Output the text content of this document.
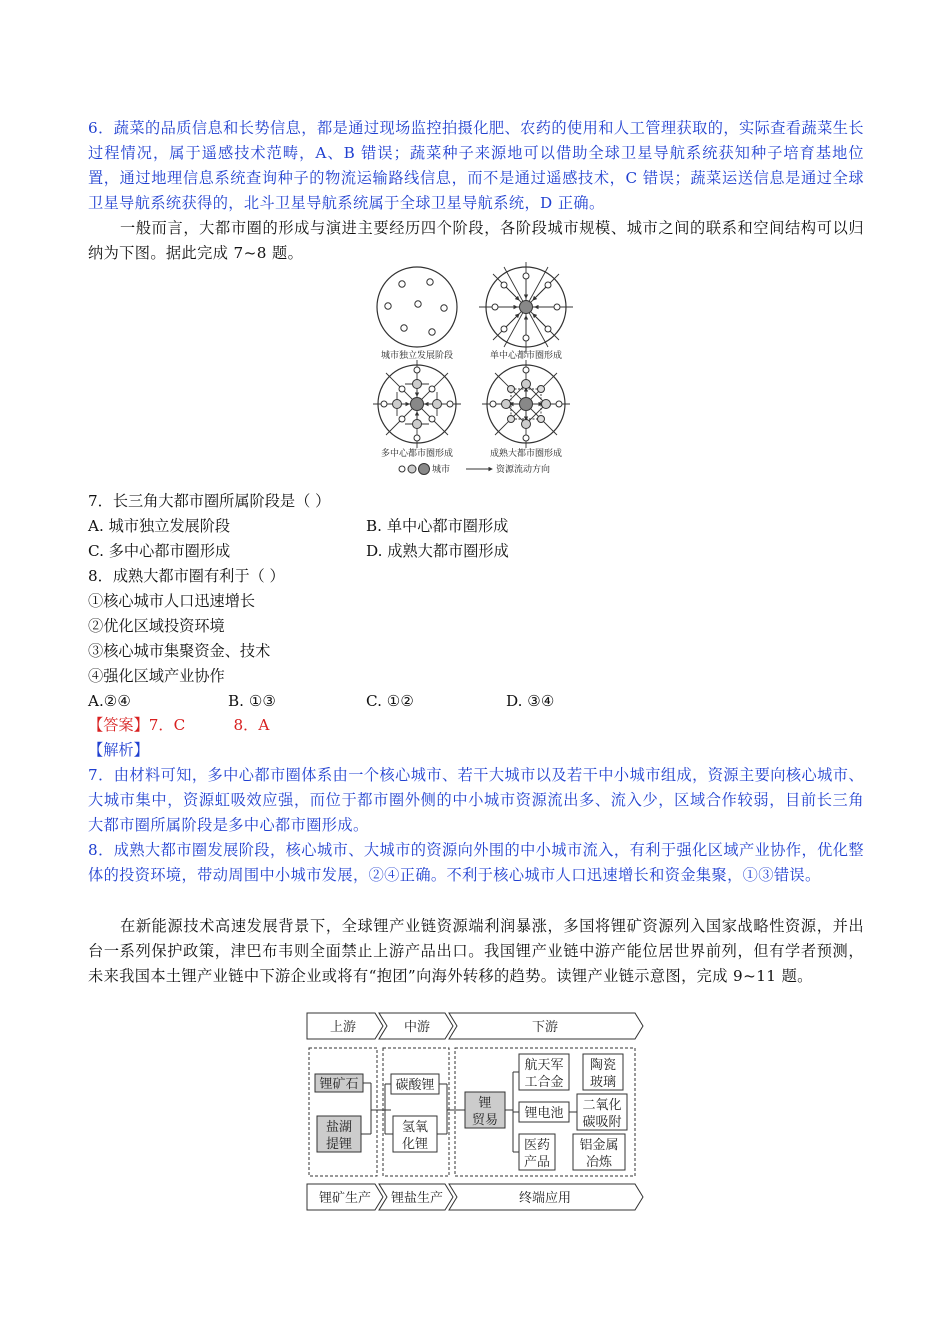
6．蔬菜的品质信息和长势信息，都是通过现场监控拍摄化肥、农药的使用和人工管理获取的，实际查看蔬菜生长过程情况，属于遥感技术范畴，A、B 错误；蔬菜种子来源地可以借助全球卫星导航系统获知种子培育基地位置，通过地理信息系统查询种子的物流运输路线信息，而不是通过遥感技术，C 错误；蔬菜运送信息是通过全球卫星导航系统获得的，北斗卫星导航系统属于全球卫星导航系统，D 正确。
一般而言，大都市圈的形成与演进主要经历四个阶段，各阶段城市规模、城市之间的联系和空间结构可以归纳为下图。据此完成 7~8 题。
城市独立发展阶段	单中心都市圈形成
多中心都市圈形成	成熟大都市圈形成
城市	资源流动方向
7．长三角大都市圈所属阶段是（ ）
A. 城市独立发展阶段	B. 单中心都市圈形成
C. 多中心都市圈形成	D. 成熟大都市圈形成
8．成熟大都市圈有利于（ ）
①核心城市人口迅速增长
②优化区域投资环境
③核心城市集聚资金、技术
④强化区域产业协作
A.②④	B. ①③	C. ①②	D. ③④
【答案】7．C          8．A
【解析】
7．由材料可知，多中心都市圈体系由一个核心城市、若干大城市以及若干中小城市组成，资源主要向核心城市、大城市集中，资源虹吸效应强，而位于都市圈外侧的中小城市资源流出多、流入少，区域合作较弱，目前长三角大都市圈所属阶段是多中心都市圈形成。
8．成熟大都市圈发展阶段，核心城市、大城市的资源向外围的中小城市流入，有利于强化区域产业协作，优化整体的投资环境，带动周围中小城市发展，②④正确。不利于核心城市人口迅速增长和资金集聚，①③错误。
在新能源技术高速发展背景下，全球锂产业链资源端利润暴涨，多国将锂矿资源列入国家战略性资源，并出台一系列保护政策，津巴布韦则全面禁止上游产品出口。我国锂产业链中游产能位居世界前列，但有学者预测，未来我国本土锂产业链中下游企业或将有“抱团”向海外转移的趋势。读锂产业链示意图，完成 9~11 题。
上游	中游	下游
锂矿生产 锂盐生产	终端应用
锂矿石
盐湖
提锂
碳酸锂
氢氧
化锂
锂
贸易
航天军
工合金
陶瓷
玻璃
锂电池
二氧化
碳吸附
医药
产品
铝金属
冶炼
